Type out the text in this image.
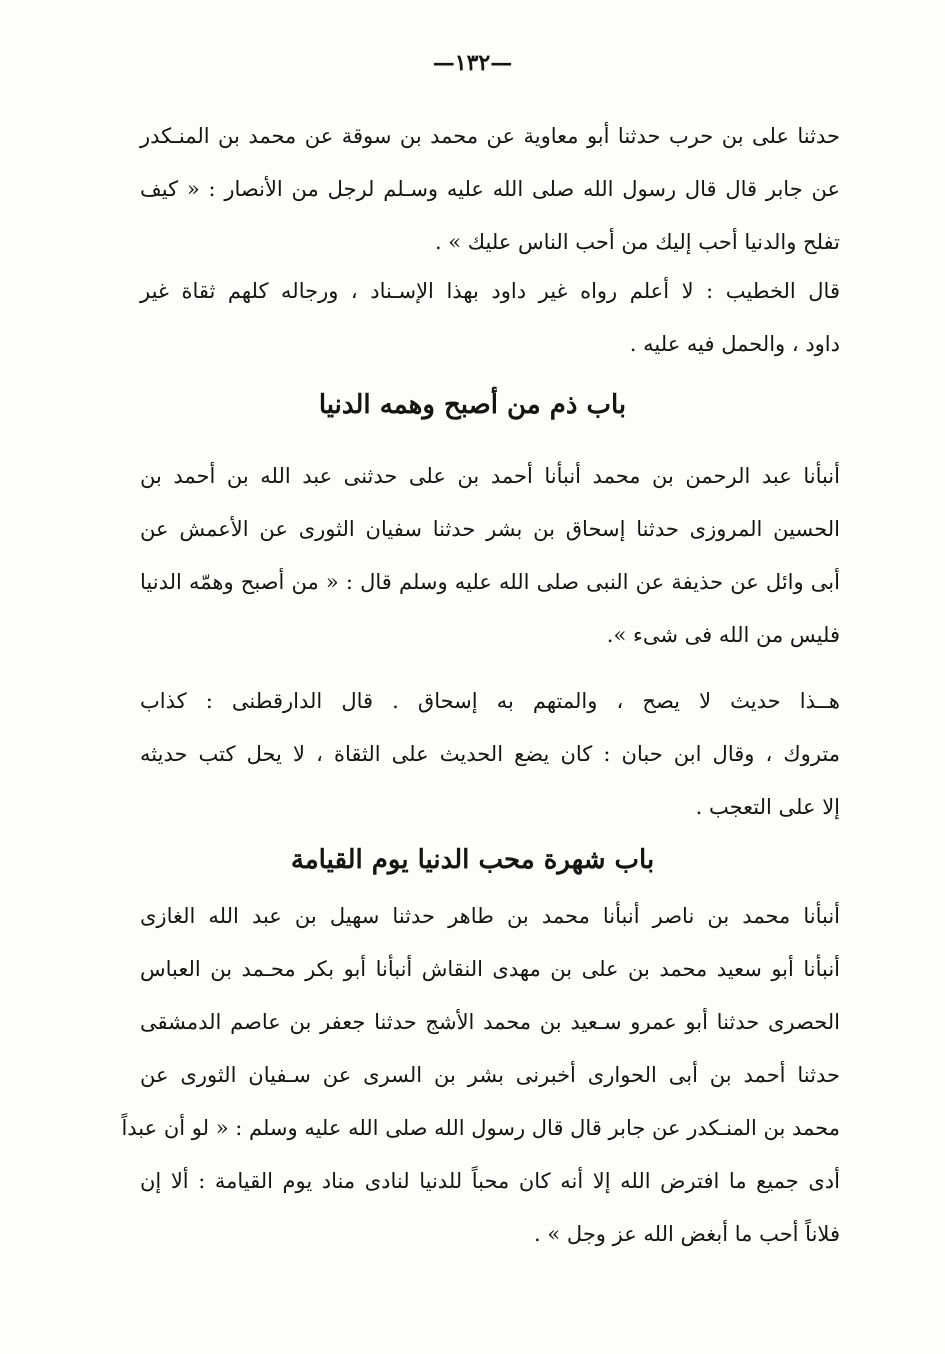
—١٣٢—
حدثنا على بن حرب حدثنا أبو معاوية عن محمد بن سوقة عن محمد بن المنـكدر
عن جابر قال قال رسول الله صلى الله عليه وسـلم لرجل من الأنصار : « كيف
تفلح والدنيا أحب إليك من أحب الناس عليك » .
قال الخطيب : لا أعلم رواه غير داود بهذا الإسـناد ، ورجاله كلهم ثقاة غير
داود ، والحمل فيه عليه .
باب ذم من أصبح وهمه الدنيا
أنبأنا عبد الرحمن بن محمد أنبأنا أحمد بن على حدثنى عبد الله بن أحمد بن
الحسين المروزى حدثنا إسحاق بن بشر حدثنا سفيان الثورى عن الأعمش عن
أبى وائل عن حذيفة عن النبى صلى الله عليه وسلم قال : « من أصبح وهمّه الدنيا
فليس من الله فى شىء ».
هــذا حديث لا يصح ، والمتهم به إسحاق . قال الدارقطنى : كذاب
متروك ، وقال ابن حبان : كان يضع الحديث على الثقاة ، لا يحل كتب حديثه
إلا على التعجب .
باب شهرة محب الدنيا يوم القيامة
أنبأنا محمد بن ناصر أنبأنا محمد بن طاهر حدثنا سهيل بن عبد الله الغازى
أنبأنا أبو سعيد محمد بن على بن مهدى النقاش أنبأنا أبو بكر محـمد بن العباس
الحصرى حدثنا أبو عمرو سـعيد بن محمد الأشج حدثنا جعفر بن عاصم الدمشقى
حدثنا أحمد بن أبى الحوارى أخبرنى بشر بن السرى عن سـفيان الثورى عن
محمد بن المنـكدر عن جابر قال قال رسول الله صلى الله عليه وسلم : « لو أن عبداً
أدى جميع ما افترض الله إلا أنه كان محباً للدنيا لنادى مناد يوم القيامة : ألا إن
فلاناً أحب ما أبغض الله عز وجل » .
